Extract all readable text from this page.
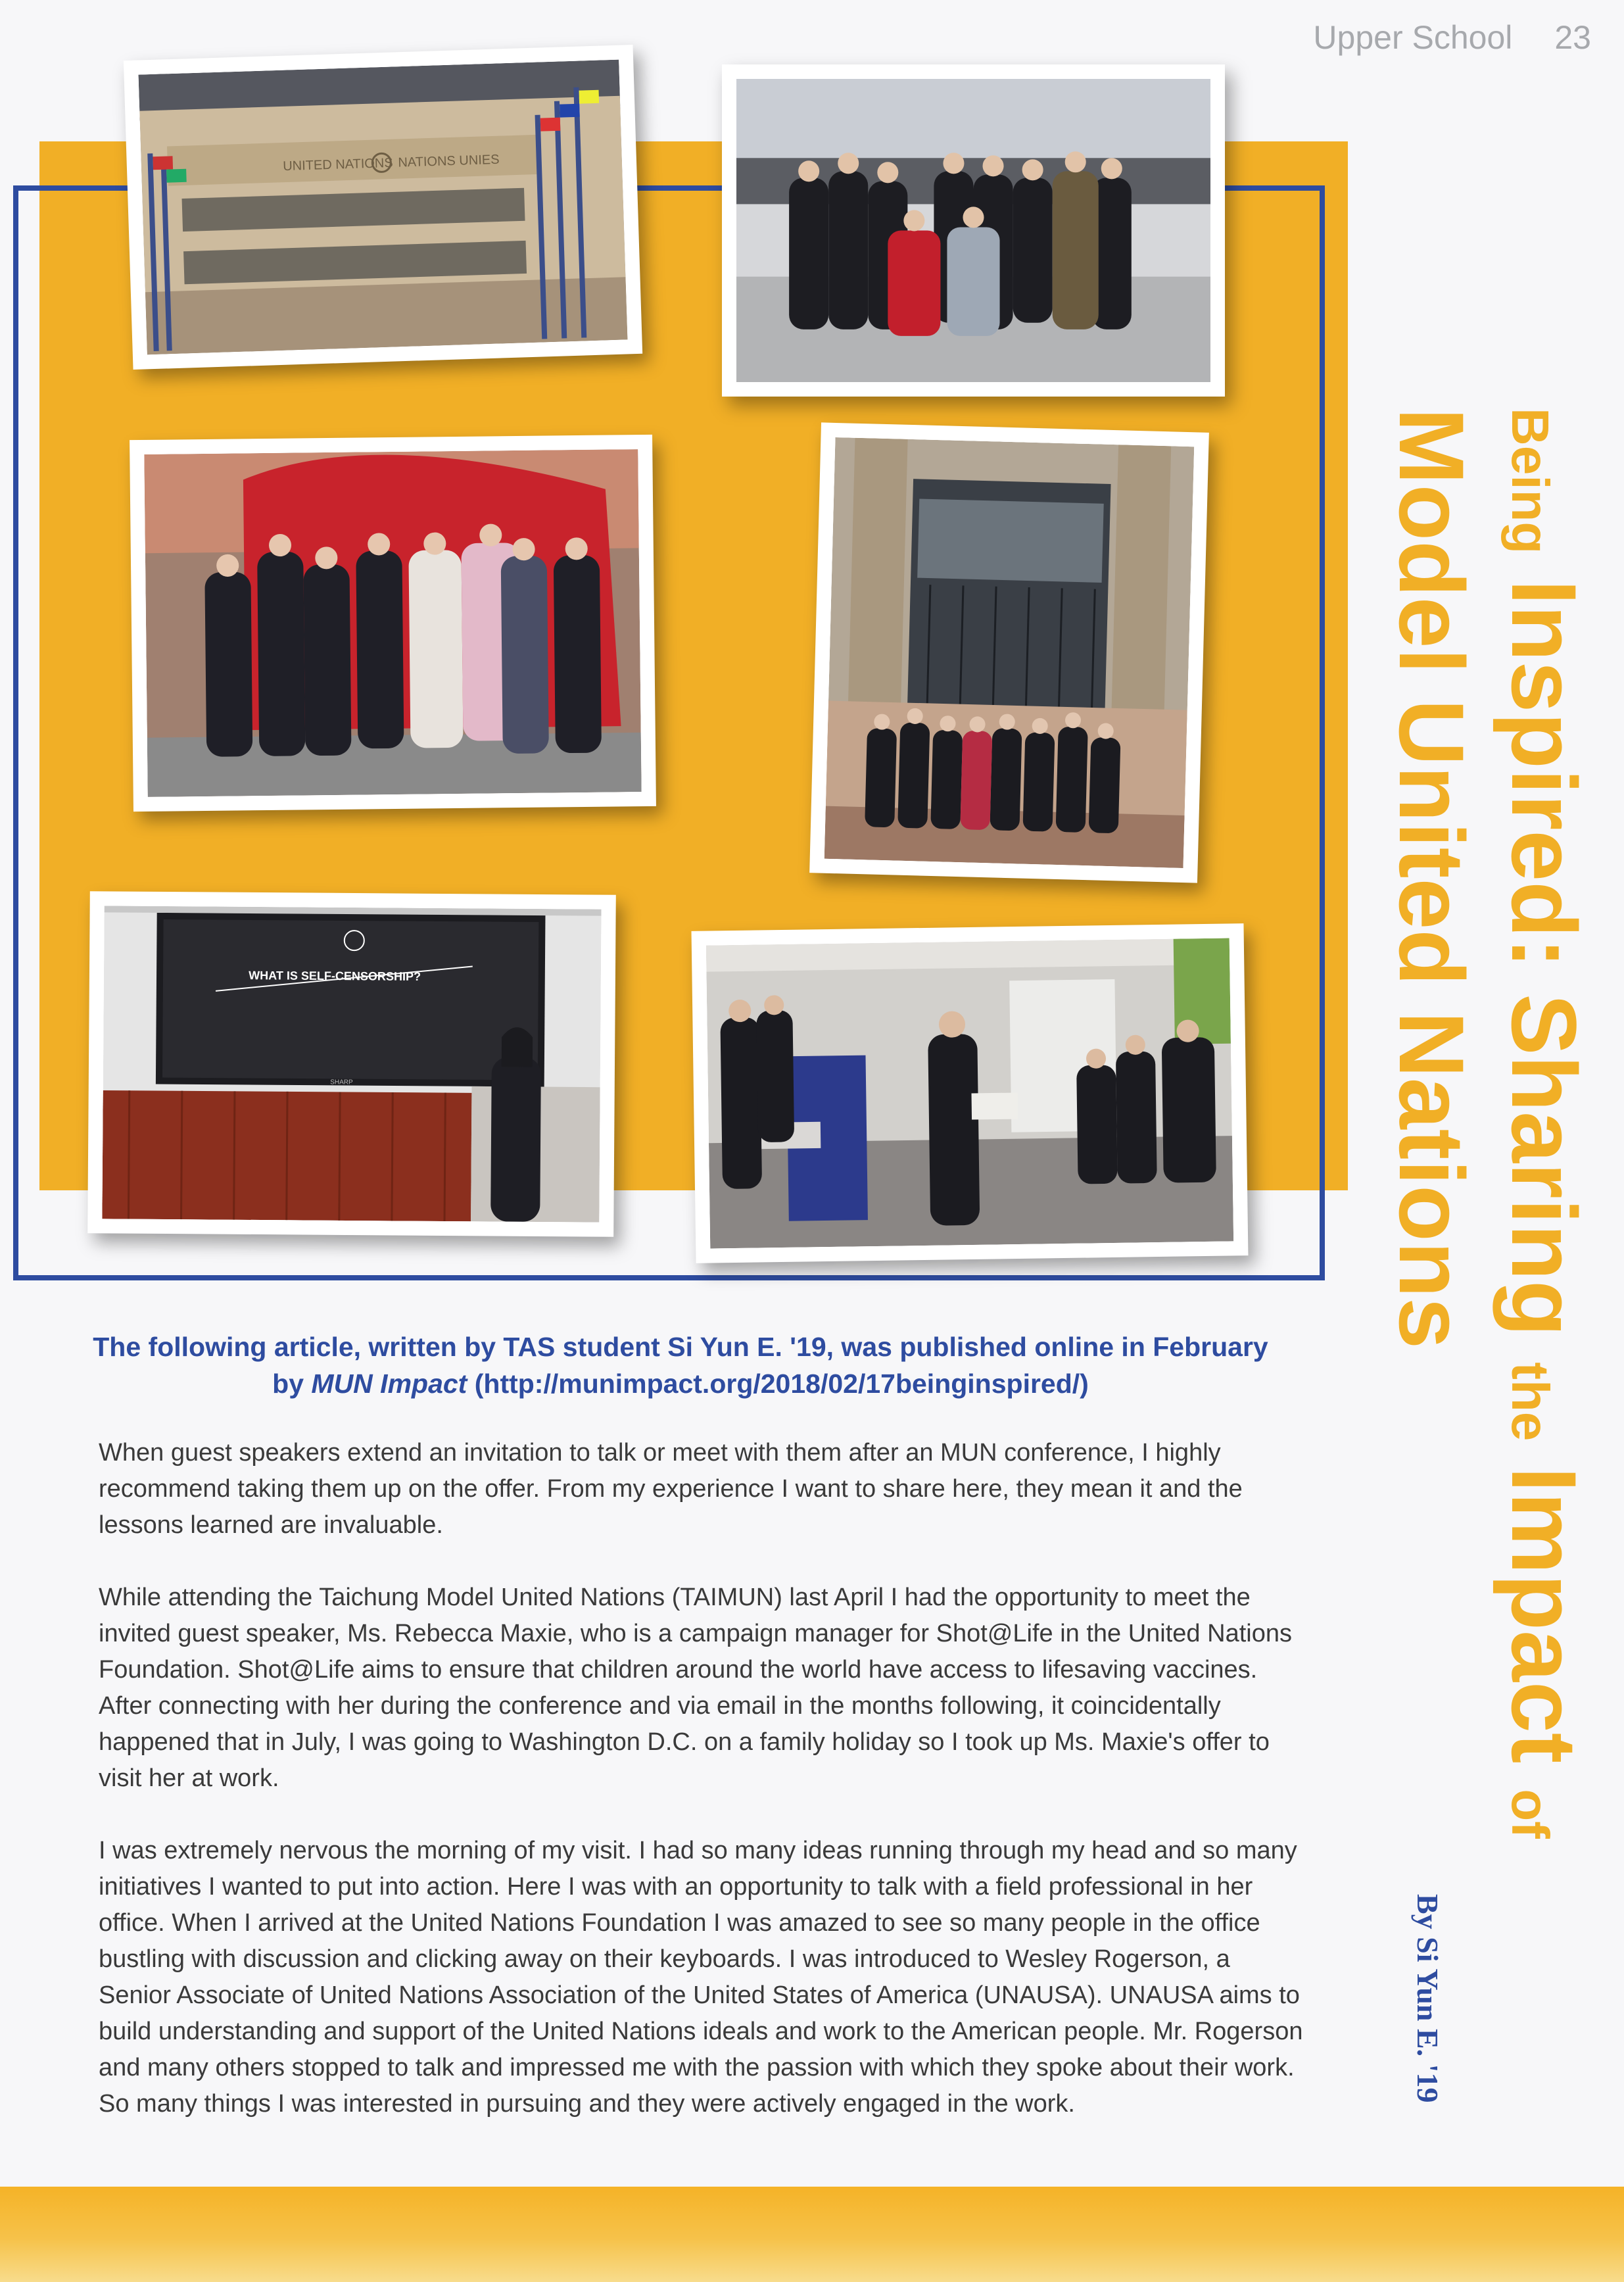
Upper School 23
UNITED NATIONS NATIONS UNIES
WHAT IS SELF-CENSORSHIP?
SHARP
Being Inspired: Sharing the Impact of
Model United Nations
By Si Yun E. '19
The following article, written by TAS student Si Yun E. '19, was published online in February
by MUN Impact (http://munimpact.org/2018/02/17beinginspired/)

When guest speakers extend an invitation to talk or meet with them after an MUN conference, I highly recommend taking them up on the offer. From my experience I want to share here, they mean it and the lessons learned are invaluable.

While attending the Taichung Model United Nations (TAIMUN) last April I had the opportunity to meet the invited guest speaker, Ms. Rebecca Maxie, who is a campaign manager for Shot@Life in the United Nations Foundation. Shot@Life aims to ensure that children around the world have access to lifesaving vaccines. After connecting with her during the conference and via email in the months following, it coincidentally happened that in July, I was going to Washington D.C. on a family holiday so I took up Ms. Maxie's offer to visit her at work.

I was extremely nervous the morning of my visit. I had so many ideas running through my head and so many initiatives I wanted to put into action. Here I was with an opportunity to talk with a field professional in her office. When I arrived at the United Nations Foundation I was amazed to see so many people in the office bustling with discussion and clicking away on their keyboards. I was introduced to Wesley Rogerson, a Senior Associate of United Nations Association of the United States of America (UNAUSA). UNAUSA aims to build understanding and support of the United Nations ideals and work to the American people. Mr. Rogerson and many others stopped to talk and impressed me with the passion with which they spoke about their work. So many things I was interested in pursuing and they were actively engaged in the work.
